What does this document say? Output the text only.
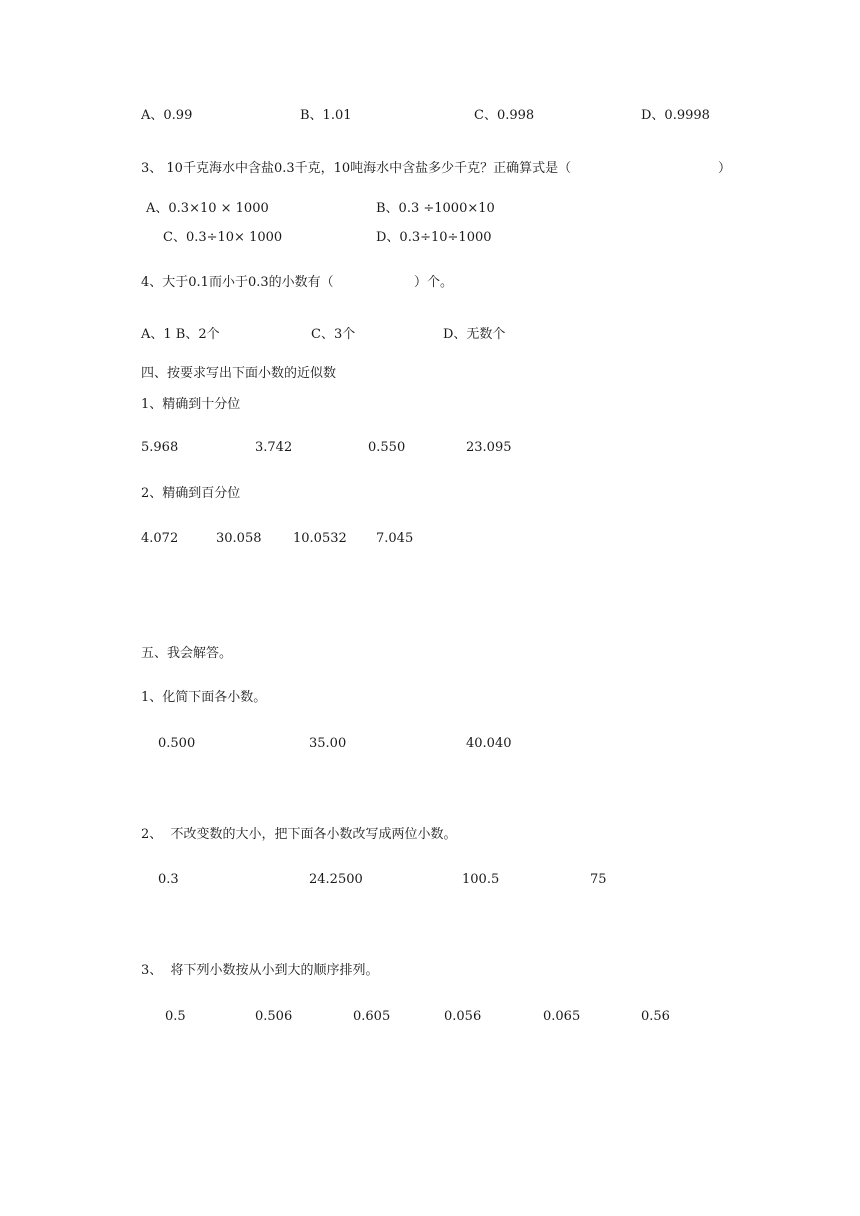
A、0.99	B、1.01	C、0.998	D、0.9998
3、 10千克海水中含盐0.3千克，10吨海水中含盐多少千克？正确算式是（	）
A、0.3×10 × 1000	B、0.3 ÷1000×10
C、0.3÷10× 1000	D、0.3÷10÷1000
4、大于0.1而小于0.3的小数有（	）个。
A、1 B、2个	C、3个	D、无数个
四、按要求写出下面小数的近似数
1、精确到十分位
5.968	3.742	0.550	23.095
2、精确到百分位
4.072	30.058 10.0532 7.045
五、我会解答。
1、化简下面各小数。
0.500	35.00	40.040
2、  不改变数的大小，把下面各小数改写成两位小数。
0.3	24.2500	100.5	75
3、  将下列小数按从小到大的顺序排列。
0.5	0.506	0.605	0.056	0.065	0.56
